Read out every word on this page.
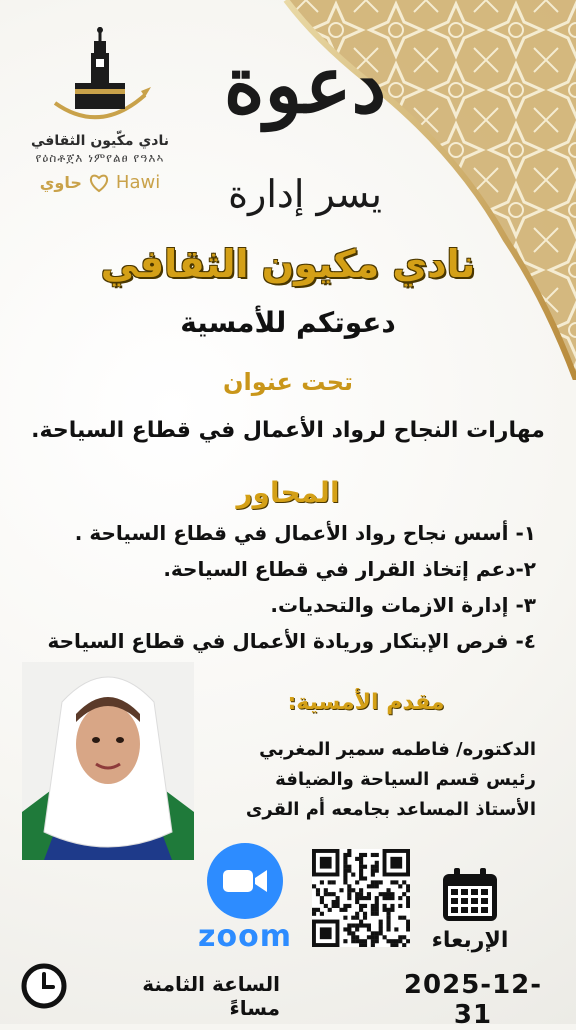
نادي مكّيون الثقافي
የዕስቶጀእ ነምየልፀ የዓእኣ
حاوي Hawi
دعوة
يسر إدارة
نادي مكيون الثقافي
دعوتكم للأمسية
تحت عنوان
مهارات النجاح لرواد الأعمال في قطاع السياحة.
المحاور
١- أسس نجاح رواد الأعمال في قطاع السياحة .
٢-دعم إتخاذ القرار في قطاع السياحة.
٣- إدارة الازمات والتحديات.
٤- فرص الإبتكار وريادة الأعمال في قطاع السياحة
مقدم الأمسية:
الدكتوره/ فاطمه سمير المغربي
رئيس قسم السياحة والضيافة
الأستاذ المساعد بجامعه أم القرى
zoom	الإربعاء
الساعة الثامنة مساءً
2025-12-31
